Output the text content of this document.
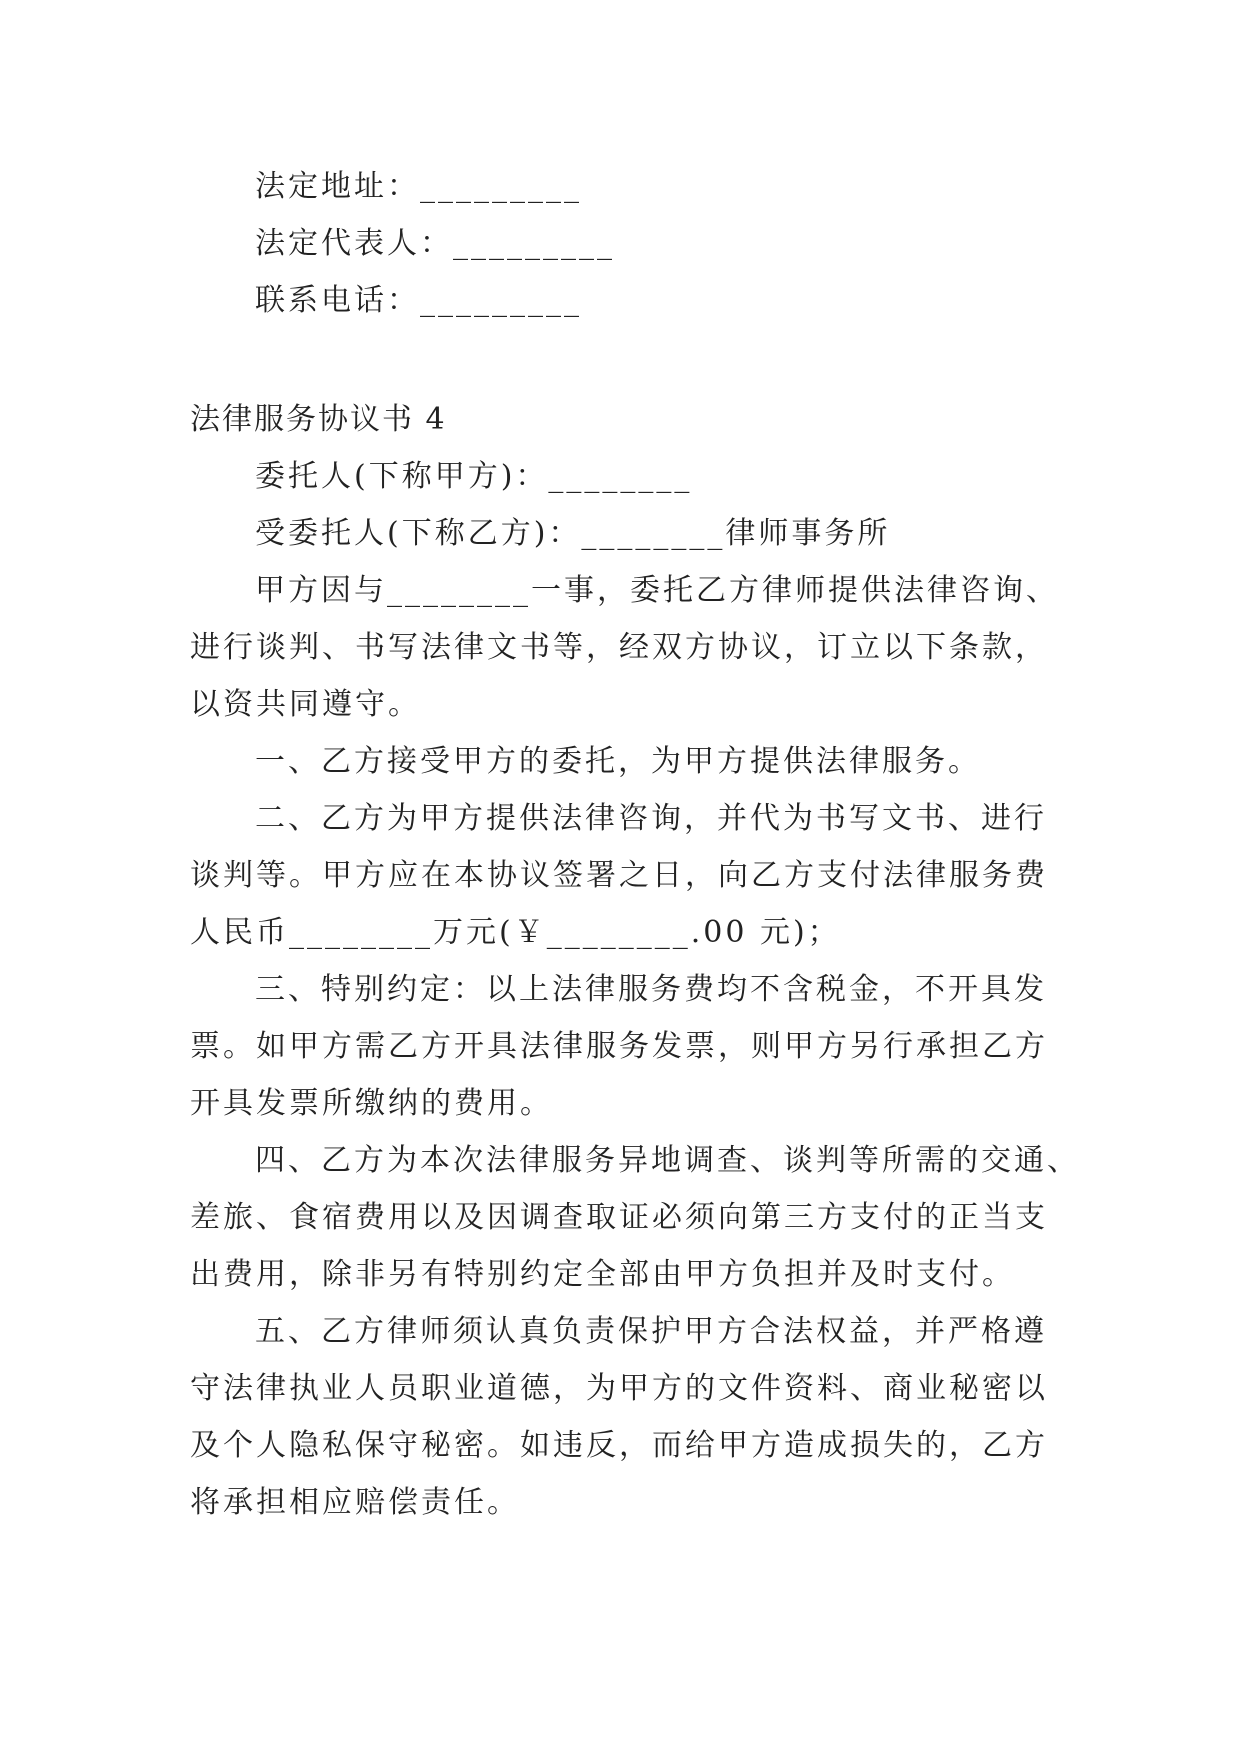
法定地址：_________
法定代表人：_________
联系电话：_________
法律服务协议书 4
委托人(下称甲方)：________
受委托人(下称乙方)：________律师事务所
甲方因与________一事，委托乙方律师提供法律咨询、
进行谈判、书写法律文书等，经双方协议，订立以下条款，
以资共同遵守。
一、乙方接受甲方的委托，为甲方提供法律服务。
二、乙方为甲方提供法律咨询，并代为书写文书、进行
谈判等。甲方应在本协议签署之日，向乙方支付法律服务费
人民币________万元(￥________.00 元)；
三、特别约定：以上法律服务费均不含税金，不开具发
票。如甲方需乙方开具法律服务发票，则甲方另行承担乙方
开具发票所缴纳的费用。
四、乙方为本次法律服务异地调查、谈判等所需的交通、
差旅、食宿费用以及因调查取证必须向第三方支付的正当支
出费用，除非另有特别约定全部由甲方负担并及时支付。
五、乙方律师须认真负责保护甲方合法权益，并严格遵
守法律执业人员职业道德，为甲方的文件资料、商业秘密以
及个人隐私保守秘密。如违反，而给甲方造成损失的，乙方
将承担相应赔偿责任。
